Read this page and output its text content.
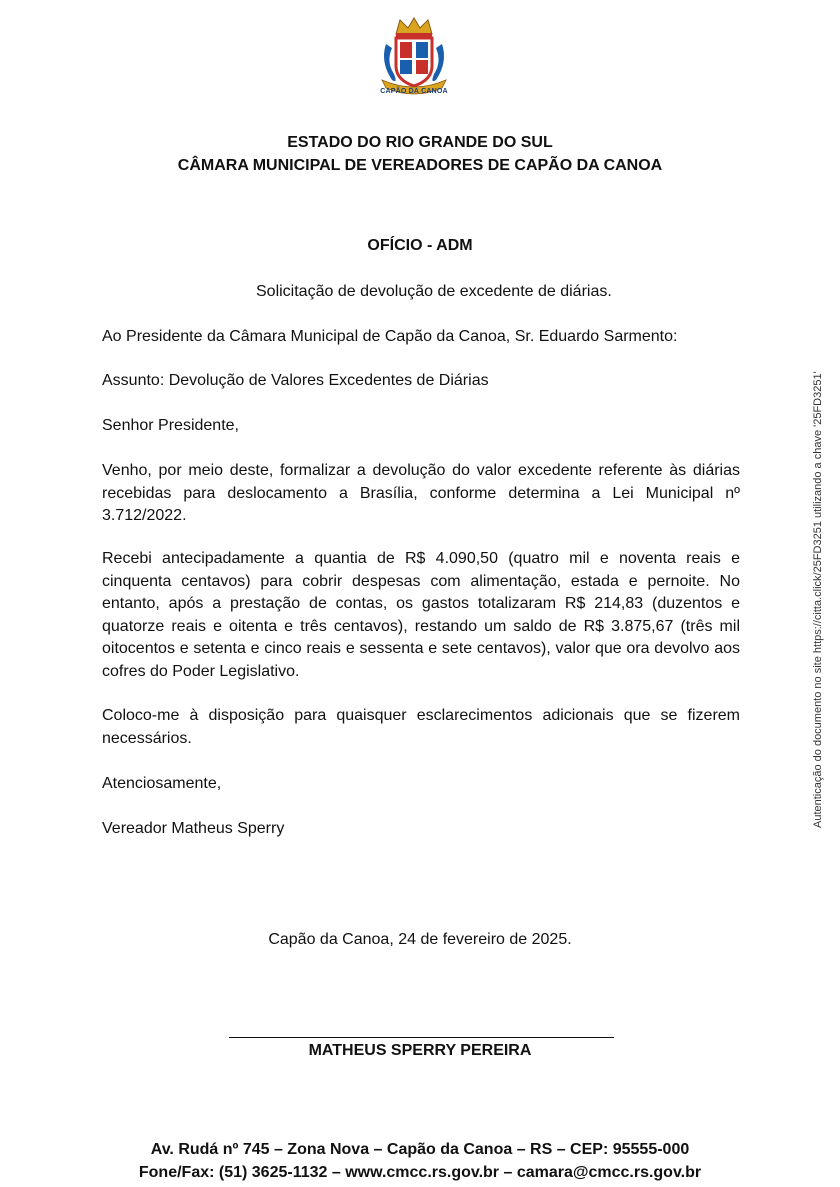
CAPÃO DA CANOA
ESTADO DO RIO GRANDE DO SUL
CÂMARA MUNICIPAL DE VEREADORES DE CAPÃO DA CANOA
OFÍCIO - ADM
Solicitação de devolução de excedente de diárias.
Ao Presidente da Câmara Municipal de Capão da Canoa, Sr. Eduardo Sarmento:
Assunto: Devolução de Valores Excedentes de Diárias
Senhor Presidente,
Venho, por meio deste, formalizar a devolução do valor excedente referente às diárias recebidas para deslocamento a Brasília, conforme determina a Lei Municipal nº 3.712/2022.
Recebi antecipadamente a quantia de R$ 4.090,50 (quatro mil e noventa reais e cinquenta centavos) para cobrir despesas com alimentação, estada e pernoite. No entanto, após a prestação de contas, os gastos totalizaram R$ 214,83 (duzentos e quatorze reais e oitenta e três centavos), restando um saldo de R$ 3.875,67 (três mil oitocentos e setenta e cinco reais e sessenta e sete centavos), valor que ora devolvo aos cofres do Poder Legislativo.
Coloco-me à disposição para quaisquer esclarecimentos adicionais que se fizerem necessários.
Atenciosamente,
Vereador Matheus Sperry
Capão da Canoa, 24 de fevereiro de 2025.
MATHEUS SPERRY PEREIRA
Av. Rudá nº 745 – Zona Nova – Capão da Canoa – RS – CEP: 95555-000
Fone/Fax: (51) 3625-1132 – www.cmcc.rs.gov.br – camara@cmcc.rs.gov.br
Autenticação do documento no site https://citta.click/25FD3251 utilizando a chave '25FD3251'
